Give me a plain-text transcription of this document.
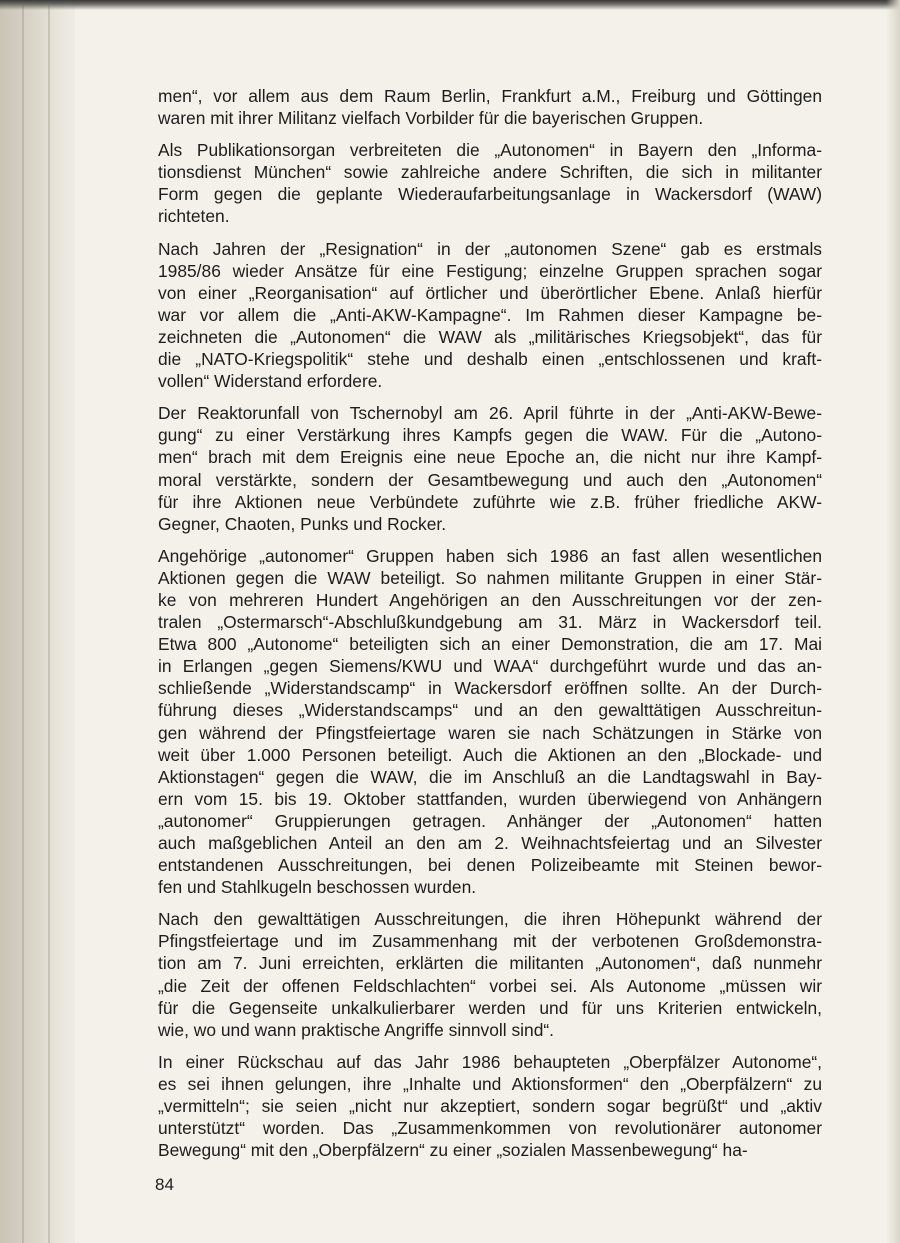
men“, vor allem aus dem Raum Berlin, Frankfurt a.M., Freiburg und Göttingen
waren mit ihrer Militanz vielfach Vorbilder für die bayerischen Gruppen.

Als Publikationsorgan verbreiteten die „Autonomen“ in Bayern den „Informa-
tionsdienst München“ sowie zahlreiche andere Schriften, die sich in militanter
Form gegen die geplante Wiederaufarbeitungsanlage in Wackersdorf (WAW)
richteten.

Nach Jahren der „Resignation“ in der „autonomen Szene“ gab es erstmals
1985/86 wieder Ansätze für eine Festigung; einzelne Gruppen sprachen sogar
von einer „Reorganisation“ auf örtlicher und überörtlicher Ebene. Anlaß hierfür
war vor allem die „Anti-AKW-Kampagne“. Im Rahmen dieser Kampagne be-
zeichneten die „Autonomen“ die WAW als „militärisches Kriegsobjekt“, das für
die „NATO-Kriegspolitik“ stehe und deshalb einen „entschlossenen und kraft-
vollen“ Widerstand erfordere.

Der Reaktorunfall von Tschernobyl am 26. April führte in der „Anti-AKW-Bewe-
gung“ zu einer Verstärkung ihres Kampfs gegen die WAW. Für die „Autono-
men“ brach mit dem Ereignis eine neue Epoche an, die nicht nur ihre Kampf-
moral verstärkte, sondern der Gesamtbewegung und auch den „Autonomen“
für ihre Aktionen neue Verbündete zuführte wie z.B. früher friedliche AKW-
Gegner, Chaoten, Punks und Rocker.

Angehörige „autonomer“ Gruppen haben sich 1986 an fast allen wesentlichen
Aktionen gegen die WAW beteiligt. So nahmen militante Gruppen in einer Stär-
ke von mehreren Hundert Angehörigen an den Ausschreitungen vor der zen-
tralen „Ostermarsch“-Abschlußkundgebung am 31. März in Wackersdorf teil.
Etwa 800 „Autonome“ beteiligten sich an einer Demonstration, die am 17. Mai
in Erlangen „gegen Siemens/KWU und WAA“ durchgeführt wurde und das an-
schließende „Widerstandscamp“ in Wackersdorf eröffnen sollte. An der Durch-
führung dieses „Widerstandscamps“ und an den gewalttätigen Ausschreitun-
gen während der Pfingstfeiertage waren sie nach Schätzungen in Stärke von
weit über 1.000 Personen beteiligt. Auch die Aktionen an den „Blockade- und
Aktionstagen“ gegen die WAW, die im Anschluß an die Landtagswahl in Bay-
ern vom 15. bis 19. Oktober stattfanden, wurden überwiegend von Anhängern
„autonomer“ Gruppierungen getragen. Anhänger der „Autonomen“ hatten
auch maßgeblichen Anteil an den am 2. Weihnachtsfeiertag und an Silvester
entstandenen Ausschreitungen, bei denen Polizeibeamte mit Steinen bewor-
fen und Stahlkugeln beschossen wurden.

Nach den gewalttätigen Ausschreitungen, die ihren Höhepunkt während der
Pfingstfeiertage und im Zusammenhang mit der verbotenen Großdemonstra-
tion am 7. Juni erreichten, erklärten die militanten „Autonomen“, daß nunmehr
„die Zeit der offenen Feldschlachten“ vorbei sei. Als Autonome „müssen wir
für die Gegenseite unkalkulierbarer werden und für uns Kriterien entwickeln,
wie, wo und wann praktische Angriffe sinnvoll sind“.

In einer Rückschau auf das Jahr 1986 behaupteten „Oberpfälzer Autonome“,
es sei ihnen gelungen, ihre „Inhalte und Aktionsformen“ den „Oberpfälzern“ zu
„vermitteln“; sie seien „nicht nur akzeptiert, sondern sogar begrüßt“ und „aktiv
unterstützt“ worden. Das „Zusammenkommen von revolutionärer autonomer
Bewegung“ mit den „Oberpfälzern“ zu einer „sozialen Massenbewegung“ ha-

84
